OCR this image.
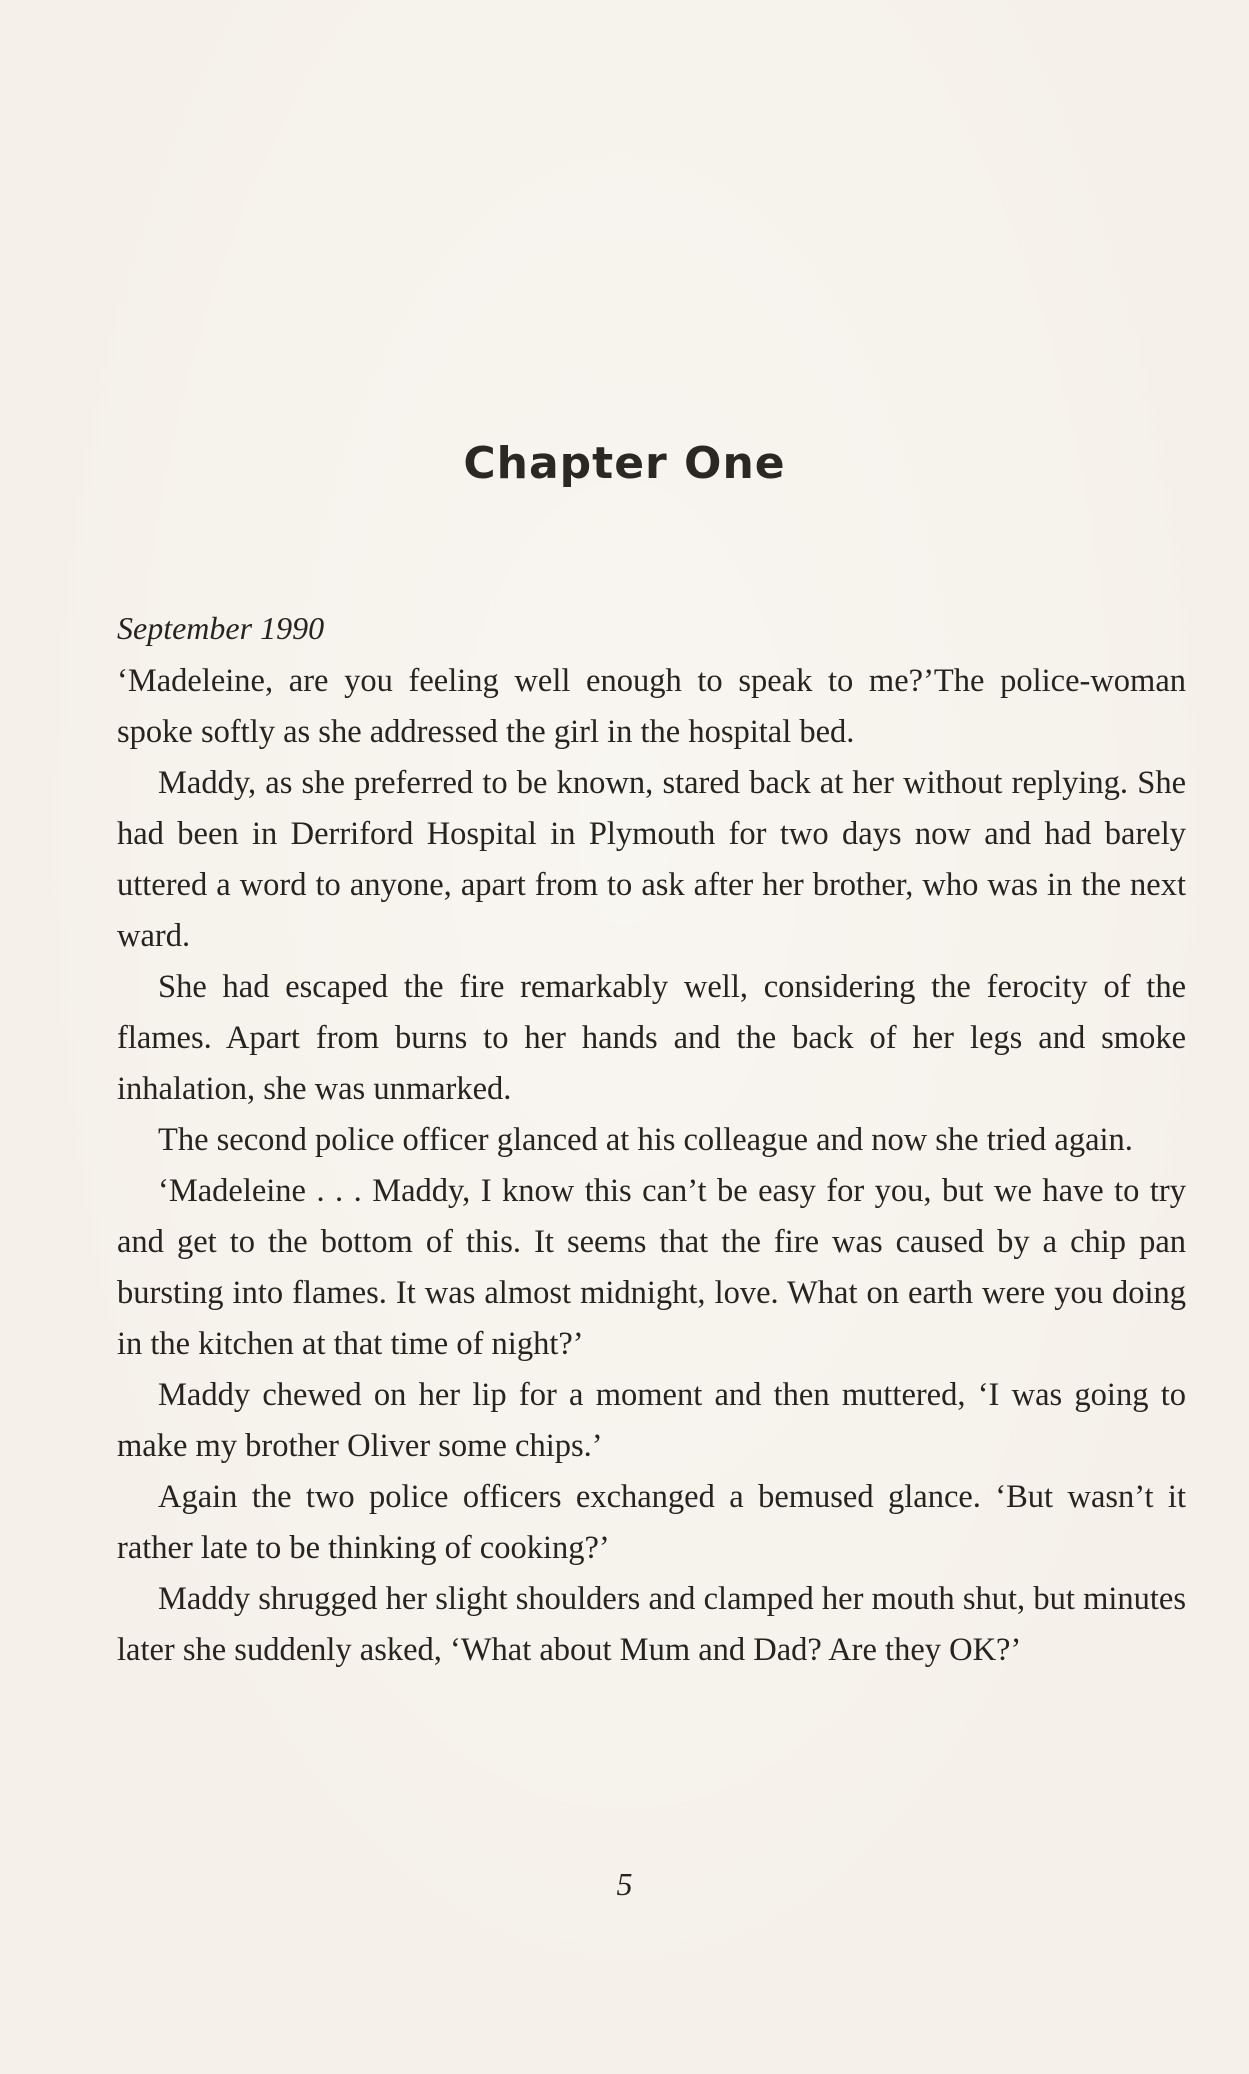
Chapter One

September 1990

‘Madeleine, are you feeling well enough to speak to me?’The police-woman spoke softly as she addressed the girl in the hospital bed.

Maddy, as she preferred to be known, stared back at her without replying. She had been in Derriford Hospital in Plymouth for two days now and had barely uttered a word to anyone, apart from to ask after her brother, who was in the next ward.

She had escaped the fire remarkably well, considering the ferocity of the flames. Apart from burns to her hands and the back of her legs and smoke inhalation, she was unmarked.

The second police officer glanced at his colleague and now she tried again.

‘Madeleine . . . Maddy, I know this can’t be easy for you, but we have to try and get to the bottom of this. It seems that the fire was caused by a chip pan bursting into flames. It was almost midnight, love. What on earth were you doing in the kitchen at that time of night?’

Maddy chewed on her lip for a moment and then muttered, ‘I was going to make my brother Oliver some chips.’

Again the two police officers exchanged a bemused glance. ‘But wasn’t it rather late to be thinking of cooking?’

Maddy shrugged her slight shoulders and clamped her mouth shut, but minutes later she suddenly asked, ‘What about Mum and Dad? Are they OK?’

5
